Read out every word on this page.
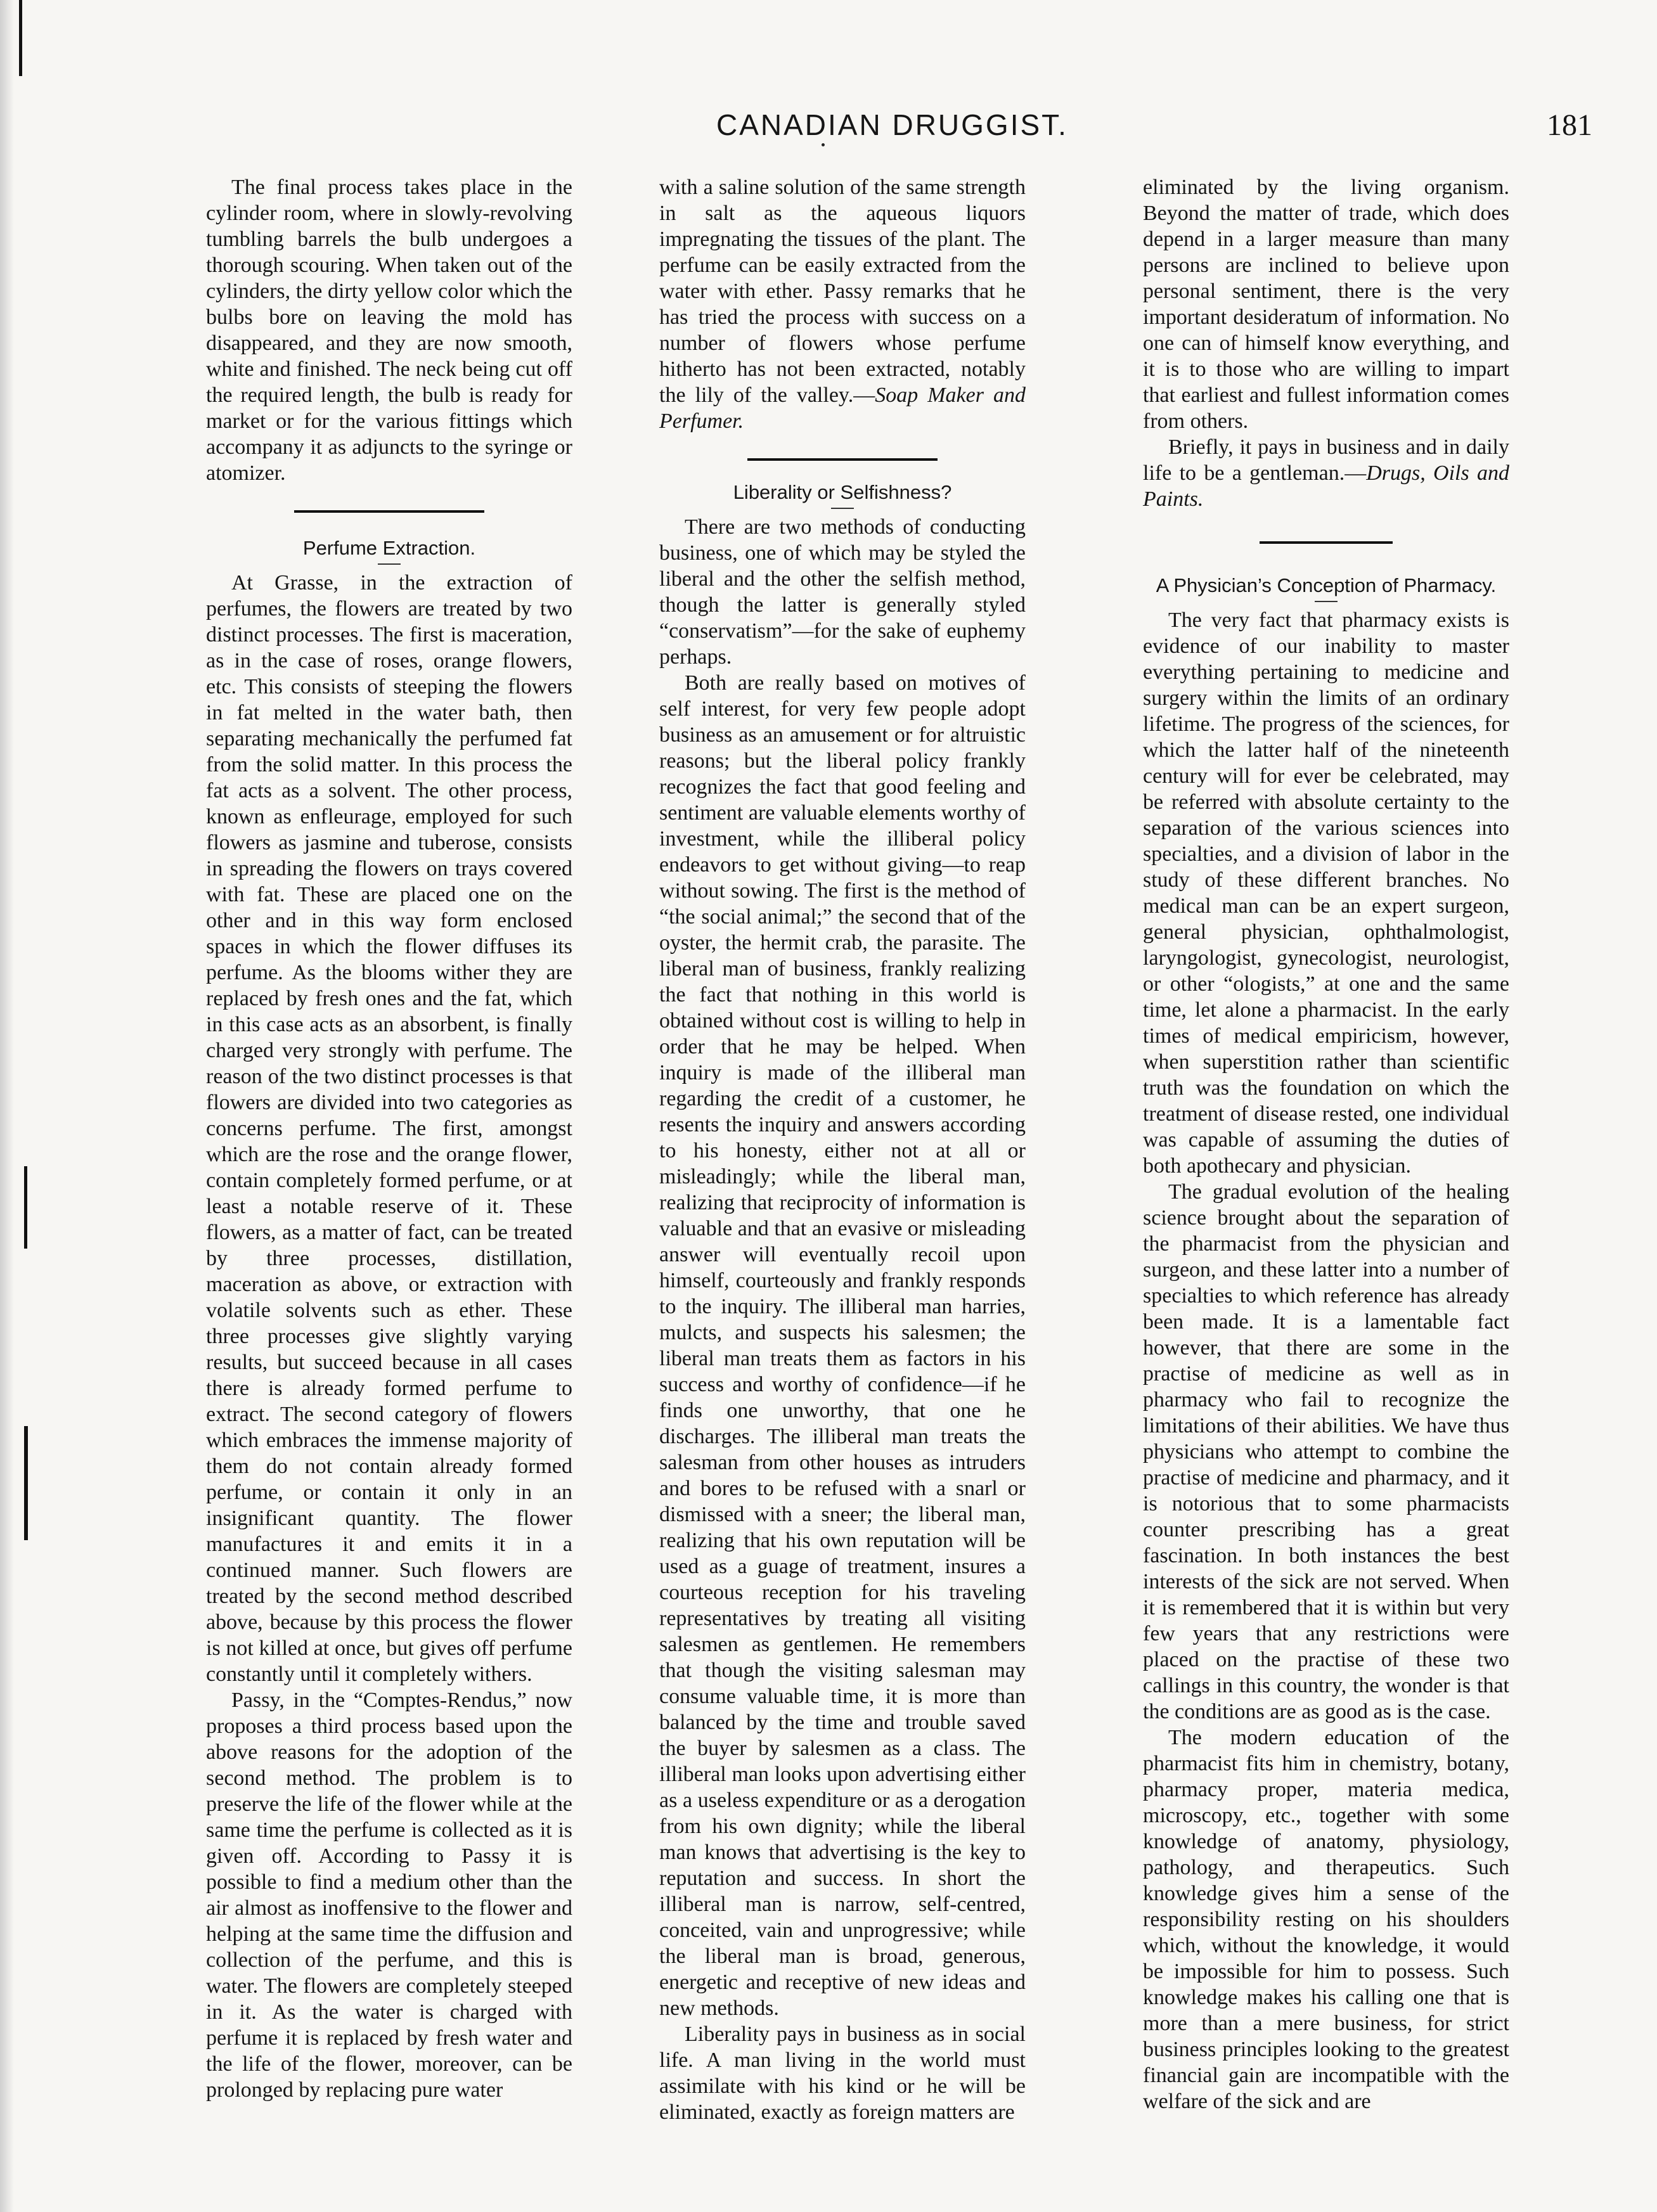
CANADIAN DRUGGIST.	181

The final process takes place in the cylinder room, where in slowly-revolving tumbling barrels the bulb undergoes a thorough scouring. When taken out of the cylinders, the dirty yellow color which the bulbs bore on leaving the mold has disappeared, and they are now smooth, white and finished. The neck being cut off the required length, the bulb is ready for market or for the various fittings which accompany it as adjuncts to the syringe or atomizer.

Perfume Extraction.

At Grasse, in the extraction of perfumes, the flowers are treated by two distinct processes. The first is maceration, as in the case of roses, orange flowers, etc. This consists of steeping the flowers in fat melted in the water bath, then separating mechanically the perfumed fat from the solid matter. In this process the fat acts as a solvent. The other process, known as enfleurage, employed for such flowers as jasmine and tuberose, consists in spreading the flowers on trays covered with fat. These are placed one on the other and in this way form enclosed spaces in which the flower diffuses its perfume. As the blooms wither they are replaced by fresh ones and the fat, which in this case acts as an absorbent, is finally charged very strongly with perfume. The reason of the two distinct processes is that flowers are divided into two categories as concerns perfume. The first, amongst which are the rose and the orange flower, contain completely formed perfume, or at least a notable reserve of it. These flowers, as a matter of fact, can be treated by three processes, distillation, maceration as above, or extraction with volatile solvents such as ether. These three processes give slightly varying results, but succeed because in all cases there is already formed perfume to extract. The second category of flowers which embraces the immense majority of them do not contain already formed perfume, or contain it only in an insignificant quantity. The flower manufactures it and emits it in a continued manner. Such flowers are treated by the second method described above, because by this process the flower is not killed at once, but gives off perfume constantly until it completely withers.

Passy, in the “Comptes-Rendus,” now proposes a third process based upon the above reasons for the adoption of the second method. The problem is to preserve the life of the flower while at the same time the perfume is collected as it is given off. According to Passy it is possible to find a medium other than the air almost as inoffensive to the flower and helping at the same time the diffusion and collection of the perfume, and this is water. The flowers are completely steeped in it. As the water is charged with perfume it is replaced by fresh water and the life of the flower, moreover, can be prolonged by replacing pure water

with a saline solution of the same strength in salt as the aqueous liquors impregnating the tissues of the plant. The perfume can be easily extracted from the water with ether. Passy remarks that he has tried the process with success on a number of flowers whose perfume hitherto has not been extracted, notably the lily of the valley.—Soap Maker and Perfumer.

Liberality or Selfishness?

There are two methods of conducting business, one of which may be styled the liberal and the other the selfish method, though the latter is generally styled “conservatism”—for the sake of euphemy perhaps.

Both are really based on motives of self interest, for very few people adopt business as an amusement or for altruistic reasons; but the liberal policy frankly recognizes the fact that good feeling and sentiment are valuable elements worthy of investment, while the illiberal policy endeavors to get without giving—to reap without sowing. The first is the method of “the social animal;” the second that of the oyster, the hermit crab, the parasite. The liberal man of business, frankly realizing the fact that nothing in this world is obtained without cost is willing to help in order that he may be helped. When inquiry is made of the illiberal man regarding the credit of a customer, he resents the inquiry and answers according to his honesty, either not at all or misleadingly; while the liberal man, realizing that reciprocity of information is valuable and that an evasive or misleading answer will eventually recoil upon himself, courteously and frankly responds to the inquiry. The illiberal man harries, mulcts, and suspects his salesmen; the liberal man treats them as factors in his success and worthy of confidence—if he finds one unworthy, that one he discharges. The illiberal man treats the salesman from other houses as intruders and bores to be refused with a snarl or dismissed with a sneer; the liberal man, realizing that his own reputation will be used as a guage of treatment, insures a courteous reception for his traveling representatives by treating all visiting salesmen as gentlemen. He remembers that though the visiting salesman may consume valuable time, it is more than balanced by the time and trouble saved the buyer by salesmen as a class. The illiberal man looks upon advertising either as a useless expenditure or as a derogation from his own dignity; while the liberal man knows that advertising is the key to reputation and success. In short the illiberal man is narrow, self-centred, conceited, vain and unprogressive; while the liberal man is broad, generous, energetic and receptive of new ideas and new methods.

Liberality pays in business as in social life. A man living in the world must assimilate with his kind or he will be eliminated, exactly as foreign matters are

eliminated by the living organism. Beyond the matter of trade, which does depend in a larger measure than many persons are inclined to believe upon personal sentiment, there is the very important desideratum of information. No one can of himself know everything, and it is to those who are willing to impart that earliest and fullest information comes from others.

Briefly, it pays in business and in daily life to be a gentleman.—Drugs, Oils and Paints.

A Physician’s Conception of Pharmacy.

The very fact that pharmacy exists is evidence of our inability to master everything pertaining to medicine and surgery within the limits of an ordinary lifetime. The progress of the sciences, for which the latter half of the nineteenth century will for ever be celebrated, may be referred with absolute certainty to the separation of the various sciences into specialties, and a division of labor in the study of these different branches. No medical man can be an expert surgeon, general physician, ophthalmologist, laryngologist, gynecologist, neurologist, or other “ologists,” at one and the same time, let alone a pharmacist. In the early times of medical empiricism, however, when superstition rather than scientific truth was the foundation on which the treatment of disease rested, one individual was capable of assuming the duties of both apothecary and physician.

The gradual evolution of the healing science brought about the separation of the pharmacist from the physician and surgeon, and these latter into a number of specialties to which reference has already been made. It is a lamentable fact however, that there are some in the practise of medicine as well as in pharmacy who fail to recognize the limitations of their abilities. We have thus physicians who attempt to combine the practise of medicine and pharmacy, and it is notorious that to some pharmacists counter prescribing has a great fascination. In both instances the best interests of the sick are not served. When it is remembered that it is within but very few years that any restrictions were placed on the practise of these two callings in this country, the wonder is that the conditions are as good as is the case.

The modern education of the pharmacist fits him in chemistry, botany, pharmacy proper, materia medica, microscopy, etc., together with some knowledge of anatomy, physiology, pathology, and therapeutics. Such knowledge gives him a sense of the responsibility resting on his shoulders which, without the knowledge, it would be impossible for him to possess. Such knowledge makes his calling one that is more than a mere business, for strict business principles looking to the greatest financial gain are incompatible with the welfare of the sick and are
